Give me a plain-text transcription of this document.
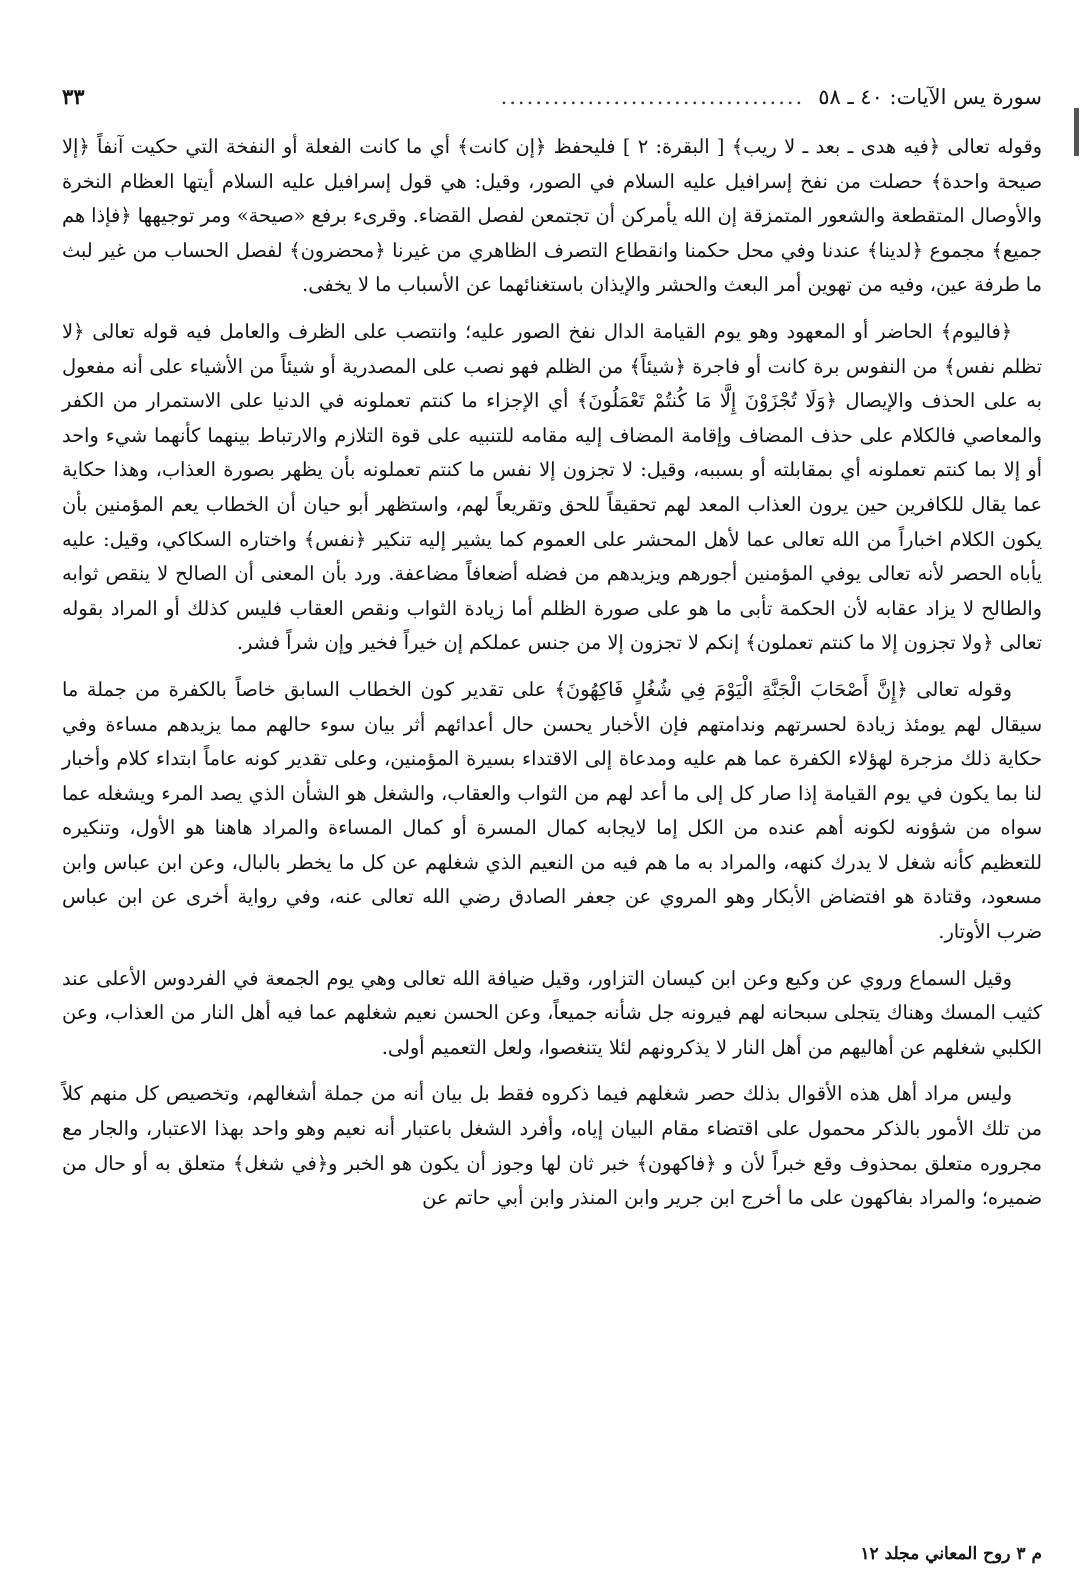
سورة يس الآيات: ٤٠ ـ ٥٨
...................................
٣٣

وقوله تعالى ﴿فيه هدى ـ بعد ـ لا ريب﴾ [ البقرة: ٢ ] فليحفظ ﴿إن كانت﴾ أي ما كانت الفعلة أو النفخة التي حكيت آنفاً ﴿إلا صيحة واحدة﴾ حصلت من نفخ إسرافيل عليه السلام في الصور، وقيل: هي قول إسرافيل عليه السلام أيتها العظام النخرة والأوصال المتقطعة والشعور المتمزقة إن الله يأمركن أن تجتمعن لفصل القضاء. وقرىء برفع «صيحة» ومر توجيهها ﴿فإذا هم جميع﴾ مجموع ﴿لدينا﴾ عندنا وفي محل حكمنا وانقطاع التصرف الظاهري من غيرنا ﴿محضرون﴾ لفصل الحساب من غير لبث ما طرفة عين، وفيه من تهوين أمر البعث والحشر والإيذان باستغنائهما عن الأسباب ما لا يخفى.

﴿فاليوم﴾ الحاضر أو المعهود وهو يوم القيامة الدال نفخ الصور عليه؛ وانتصب على الظرف والعامل فيه قوله تعالى ﴿لا تظلم نفس﴾ من النفوس برة كانت أو فاجرة ﴿شيئاً﴾ من الظلم فهو نصب على المصدرية أو شيئاً من الأشياء على أنه مفعول به على الحذف والإيصال ﴿وَلَا تُجْزَوْنَ إِلَّا مَا كُنتُمْ تَعْمَلُونَ﴾ أي الإجزاء ما كنتم تعملونه في الدنيا على الاستمرار من الكفر والمعاصي فالكلام على حذف المضاف وإقامة المضاف إليه مقامه للتنبيه على قوة التلازم والارتباط بينهما كأنهما شيء واحد أو إلا بما كنتم تعملونه أي بمقابلته أو بسببه، وقيل: لا تجزون إلا نفس ما كنتم تعملونه بأن يظهر بصورة العذاب، وهذا حكاية عما يقال للكافرين حين يرون العذاب المعد لهم تحقيقاً للحق وتقريعاً لهم، واستظهر أبو حيان أن الخطاب يعم المؤمنين بأن يكون الكلام اخباراً من الله تعالى عما لأهل المحشر على العموم كما يشير إليه تنكير ﴿نفس﴾ واختاره السكاكي، وقيل: عليه يأباه الحصر لأنه تعالى يوفي المؤمنين أجورهم ويزيدهم من فضله أضعافاً مضاعفة. ورد بأن المعنى أن الصالح لا ينقص ثوابه والطالح لا يزاد عقابه لأن الحكمة تأبى ما هو على صورة الظلم أما زيادة الثواب ونقص العقاب فليس كذلك أو المراد بقوله تعالى ﴿ولا تجزون إلا ما كنتم تعملون﴾ إنكم لا تجزون إلا من جنس عملكم إن خيراً فخير وإن شراً فشر.

وقوله تعالى ﴿إِنَّ أَصْحَابَ الْجَنَّةِ الْيَوْمَ فِي شُغُلٍ فَاكِهُونَ﴾ على تقدير كون الخطاب السابق خاصاً بالكفرة من جملة ما سيقال لهم يومئذ زيادة لحسرتهم وندامتهم فإن الأخبار يحسن حال أعدائهم أثر بيان سوء حالهم مما يزيدهم مساءة وفي حكاية ذلك مزجرة لهؤلاء الكفرة عما هم عليه ومدعاة إلى الاقتداء بسيرة المؤمنين، وعلى تقدير كونه عاماً ابتداء كلام وأخبار لنا بما يكون في يوم القيامة إذا صار كل إلى ما أعد لهم من الثواب والعقاب، والشغل هو الشأن الذي يصد المرء ويشغله عما سواه من شؤونه لكونه أهم عنده من الكل إما لايجابه كمال المسرة أو كمال المساءة والمراد هاهنا هو الأول، وتنكيره للتعظيم كأنه شغل لا يدرك كنهه، والمراد به ما هم فيه من النعيم الذي شغلهم عن كل ما يخطر بالبال، وعن ابن عباس وابن مسعود، وقتادة هو افتضاض الأبكار وهو المروي عن جعفر الصادق رضي الله تعالى عنه، وفي رواية أخرى عن ابن عباس ضرب الأوتار.

وقيل السماع وروي عن وكيع وعن ابن كيسان التزاور، وقيل ضيافة الله تعالى وهي يوم الجمعة في الفردوس الأعلى عند كثيب المسك وهناك يتجلى سبحانه لهم فيرونه جل شأنه جميعاً، وعن الحسن نعيم شغلهم عما فيه أهل النار من العذاب، وعن الكلبي شغلهم عن أهاليهم من أهل النار لا يذكرونهم لئلا يتنغصوا، ولعل التعميم أولى.

وليس مراد أهل هذه الأقوال بذلك حصر شغلهم فيما ذكروه فقط بل بيان أنه من جملة أشغالهم، وتخصيص كل منهم كلاً من تلك الأمور بالذكر محمول على اقتضاء مقام البيان إياه، وأفرد الشغل باعتبار أنه نعيم وهو واحد بهذا الاعتبار، والجار مع مجروره متعلق بمحذوف وقع خبراً لأن و ﴿فاكهون﴾ خبر ثان لها وجوز أن يكون هو الخبر و﴿في شغل﴾ متعلق به أو حال من ضميره؛ والمراد بفاكهون على ما أخرج ابن جرير وابن المنذر وابن أبي حاتم عن

م ٣ روح المعاني مجلد ١٢
